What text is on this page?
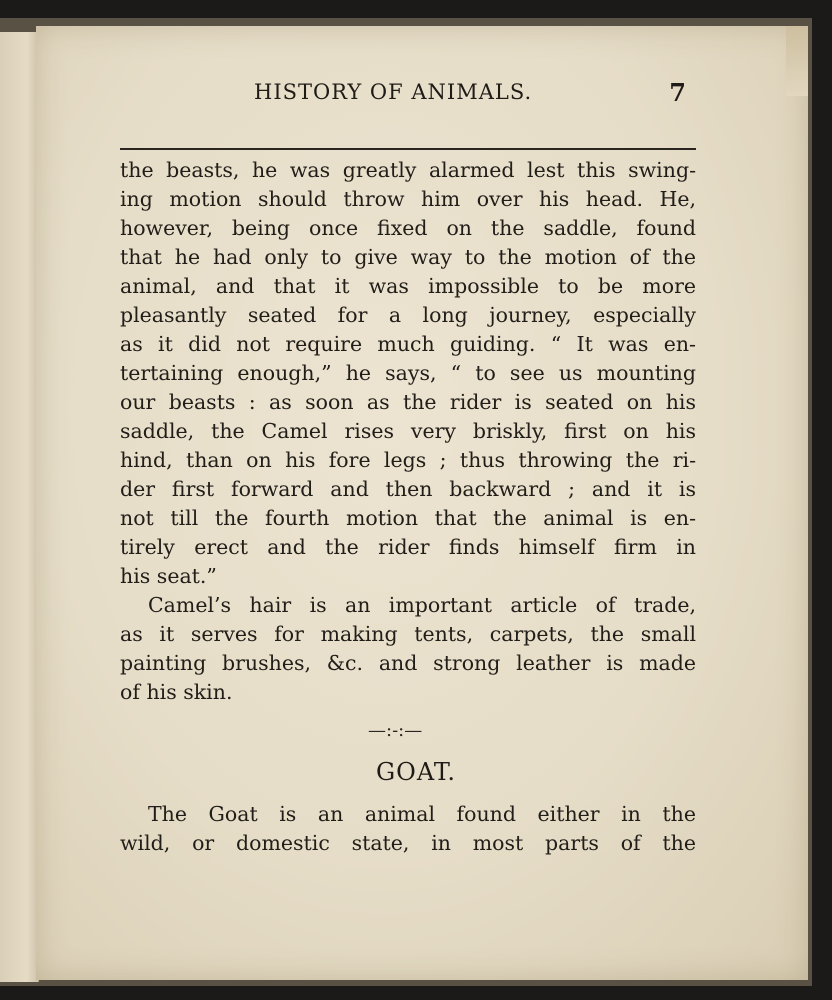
HISTORY OF ANIMALS.	7
the beasts, he was greatly alarmed lest this swing-
ing motion should throw him over his head. He,
however, being once fixed on the saddle, found
that he had only to give way to the motion of the
animal, and that it was impossible to be more
pleasantly seated for a long journey, especially
as it did not require much guiding. “ It was en-
tertaining enough,” he says, “ to see us mounting
our beasts : as soon as the rider is seated on his
saddle, the Camel rises very briskly, first on his
hind, than on his fore legs ; thus throwing the ri-
der first forward and then backward ; and it is
not till the fourth motion that the animal is en-
tirely erect and the rider finds himself firm in
his seat.”
Camel’s hair is an important article of trade,
as it serves for making tents, carpets, the small
painting brushes, &c. and strong leather is made
of his skin.
—:-:—
GOAT.
The Goat is an animal found either in the
wild, or domestic state, in most parts of the
